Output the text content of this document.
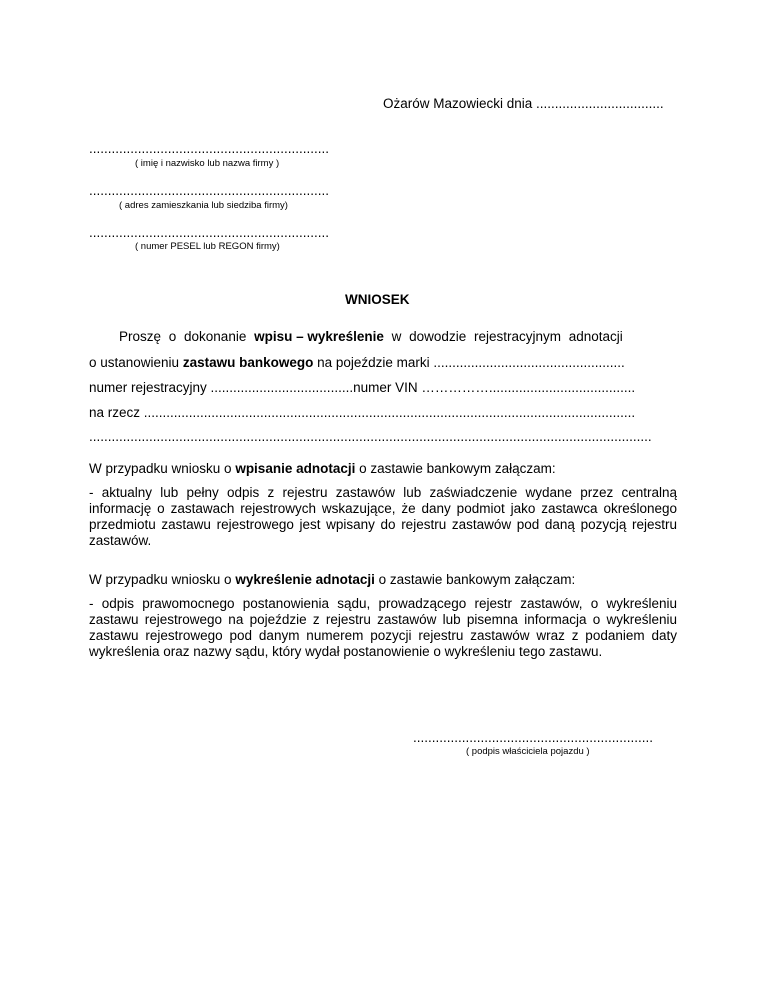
Ożarów Mazowiecki dnia ..................................
................................................................
( imię i nazwisko lub nazwa firmy )
................................................................
( adres zamieszkania lub siedziba firmy)
................................................................
( numer PESEL lub REGON firmy)
WNIOSEK
Proszę o dokonanie wpisu – wykreślenie w dowodzie rejestracyjnym adnotacji
o ustanowieniu zastawu bankowego na pojeździe marki ...................................................
numer rejestracyjny ......................................numer VIN …………….......................................
na rzecz ...................................................................................................................................
......................................................................................................................................................
W przypadku wniosku o wpisanie adnotacji o zastawie bankowym załączam:
- aktualny lub pełny odpis z rejestru zastawów lub zaświadczenie wydane przez centralną informację o zastawach rejestrowych wskazujące, że dany podmiot jako zastawca określonego przedmiotu zastawu rejestrowego jest wpisany do rejestru zastawów pod daną pozycją rejestru zastawów.
W przypadku wniosku o wykreślenie adnotacji o zastawie bankowym załączam:
- odpis prawomocnego postanowienia sądu, prowadzącego rejestr zastawów, o wykreśleniu zastawu rejestrowego na pojeździe z rejestru zastawów lub pisemna informacja o wykreśleniu zastawu rejestrowego pod danym numerem pozycji rejestru zastawów wraz z podaniem daty wykreślenia oraz nazwy sądu, który wydał postanowienie o wykreśleniu tego zastawu.
................................................................
( podpis właściciela pojazdu )
